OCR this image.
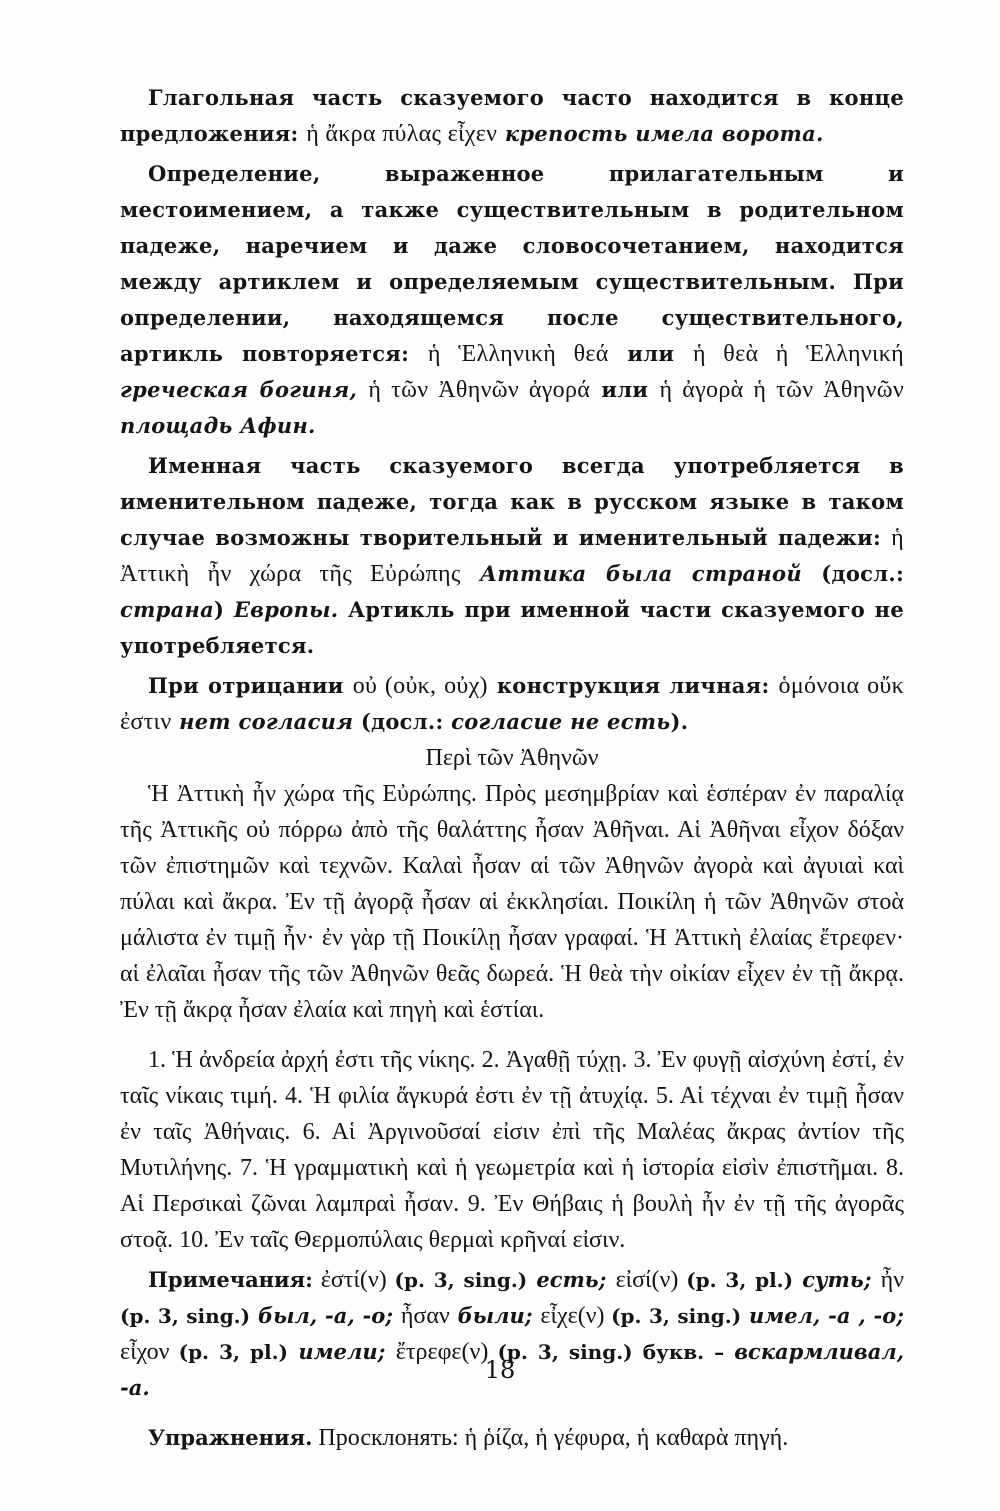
Глагольная часть сказуемого часто находится в конце предложения: ἡ ἄκρα πύλας εἶχεν крепость имела ворота.

Определение, выраженное прилагательным и местоимением, а также существительным в родительном падеже, наречием и даже словосочетанием, находится между артиклем и определяемым существительным. При определении, находящемся после существительного, артикль повторяется: ἡ Ἑλληνικὴ θεά или ἡ θεὰ ἡ Ἑλληνική греческая богиня, ἡ τῶν Ἀθηνῶν ἀγορά или ἡ ἀγορὰ ἡ τῶν Ἀθηνῶν площадь Афин.

Именная часть сказуемого всегда употребляется в именительном падеже, тогда как в русском языке в таком случае возможны творительный и именительный падежи: ἡ Ἀττικὴ ἦν χώρα τῆς Εὐρώπης Аттика была страной (досл.: страна) Европы. Артикль при именной части сказуемого не употребляется.

При отрицании οὐ (οὐκ, οὐχ) конструкция личная: ὁμόνοια οὔκ ἐστιν нет согласия (досл.: согласие не есть).

Περὶ τῶν Ἀθηνῶν

Ἡ Ἀττικὴ ἦν χώρα τῆς Εὐρώπης. Πρὸς μεσημβρίαν καὶ ἑσπέραν ἐν παραλίᾳ τῆς Ἀττικῆς οὐ πόρρω ἀπὸ τῆς θαλάττης ἦσαν Ἀθῆναι. Αἱ Ἀθῆναι εἶχον δόξαν τῶν ἐπιστημῶν καὶ τεχνῶν. Καλαὶ ἦσαν αἱ τῶν Ἀθηνῶν ἀγορὰ καὶ ἀγυιαὶ καὶ πύλαι καὶ ἄκρα. Ἐν τῇ ἀγορᾷ ἦσαν αἱ ἐκκλησίαι. Ποικίλη ἡ τῶν Ἀθηνῶν στοὰ μάλιστα ἐν τιμῇ ἦν· ἐν γὰρ τῇ Ποικίλῃ ἦσαν γραφαί. Ἡ Ἀττικὴ ἐλαίας ἔτρεφεν· αἱ ἐλαῖαι ἦσαν τῆς τῶν Ἀθηνῶν θεᾶς δωρεά. Ἡ θεὰ τὴν οἰκίαν εἶχεν ἐν τῇ ἄκρᾳ. Ἐν τῇ ἄκρᾳ ἦσαν ἐλαία καὶ πηγὴ καὶ ἑστίαι.

1. Ἡ ἀνδρεία ἀρχή ἐστι τῆς νίκης. 2. Ἀγαθῇ τύχῃ. 3. Ἐν φυγῇ αἰσχύνη ἐστί, ἐν ταῖς νίκαις τιμή. 4. Ἡ φιλία ἄγκυρά ἐστι ἐν τῇ ἀτυχίᾳ. 5. Αἱ τέχναι ἐν τιμῇ ἦσαν ἐν ταῖς Ἀθήναις. 6. Αἱ Ἀργινοῦσαί εἰσιν ἐπὶ τῆς Μαλέας ἄκρας ἀντίον τῆς Μυτιλήνης. 7. Ἡ γραμματικὴ καὶ ἡ γεωμετρία καὶ ἡ ἱστορία εἰσὶν ἐπιστῆμαι. 8. Αἱ Περσικαὶ ζῶναι λαμπραὶ ἦσαν. 9. Ἐν Θήβαις ἡ βουλὴ ἦν ἐν τῇ τῆς ἀγορᾶς στοᾷ. 10. Ἐν ταῖς Θερμοπύλαις θερμαὶ κρῆναί εἰσιν.

Примечания: ἐστί(ν) (p. 3, sing.) есть; εἰσί(ν) (p. 3, pl.) суть; ἦν (p. 3, sing.) был, -а, -о; ἦσαν были; εἶχε(ν) (p. 3, sing.) имел, -а , -о; εἶχον (p. 3, pl.) имели; ἔτρεφε(ν) (p. 3, sing.) букв. – вскармливал, -а.

Упражнения. Просклонять: ἡ ῥίζα, ἡ γέφυρα, ἡ καθαρὰ πηγή.

18
